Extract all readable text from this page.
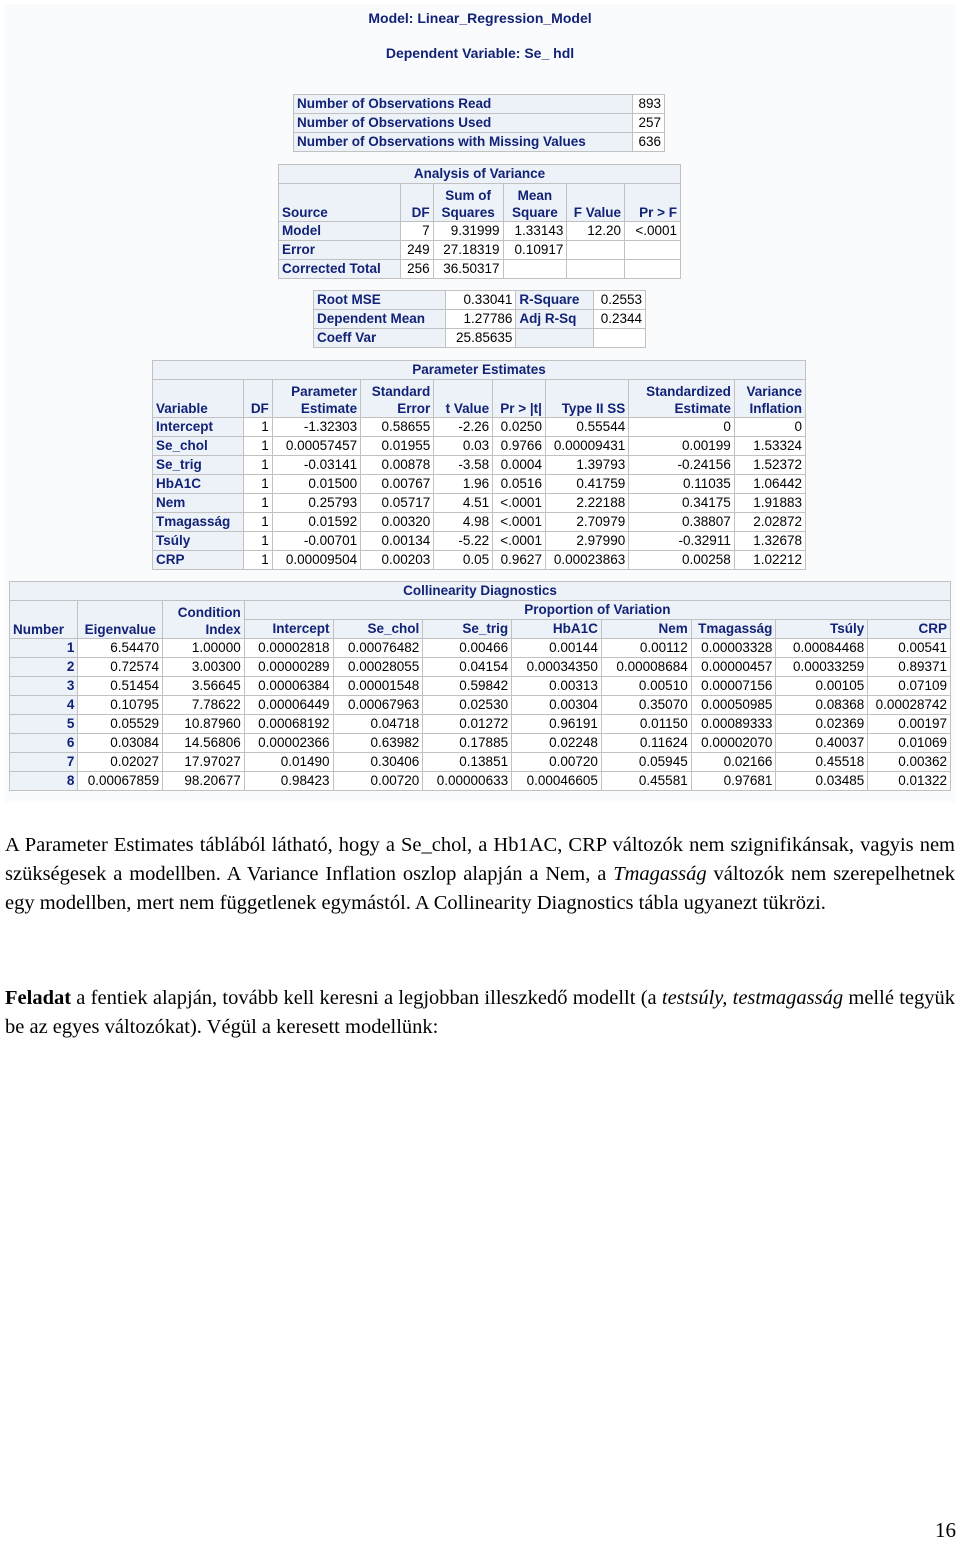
Model: Linear_Regression_Model
Dependent Variable: Se_ hdl
Number of Observations Read	893
Number of Observations Used	257
Number of Observations with Missing Values	636
Analysis of Variance					
Source	DF	Sum of Squares	Mean Square	F Value	Pr > F
Model	7	9.31999	1.33143	12.20	<.0001
Error	249	27.18319	0.10917		
Corrected Total	256	36.50317			
Root MSE	0.33041	R-Square	0.2553
Dependent Mean	1.27786	Adj R-Sq	0.2344
Coeff Var	25.85635		
Parameter Estimates								
Variable	DF	Parameter Estimate	Standard Error	t Value	Pr > |t|	Type II SS	Standardized Estimate	Variance Inflation
Intercept	1	-1.32303	0.58655	-2.26	0.0250	0.55544	0	0
Se_chol	1	0.00057457	0.01955	0.03	0.9766	0.00009431	0.00199	1.53324
Se_trig	1	-0.03141	0.00878	-3.58	0.0004	1.39793	-0.24156	1.52372
HbA1C	1	0.01500	0.00767	1.96	0.0516	0.41759	0.11035	1.06442
Nem	1	0.25793	0.05717	4.51	<.0001	2.22188	0.34175	1.91883
Tmagasság	1	0.01592	0.00320	4.98	<.0001	2.70979	0.38807	2.02872
Tsúly	1	-0.00701	0.00134	-5.22	<.0001	2.97990	-0.32911	1.32678
CRP	1	0.00009504	0.00203	0.05	0.9627	0.00023863	0.00258	1.02212
Collinearity Diagnostics										
Number	Eigenvalue	Condition Index	Proportion of Variation							
			Intercept	Se_chol	Se_trig	HbA1C	Nem	Tmagasság	Tsúly	CRP
1	6.54470	1.00000	0.00002818	0.00076482	0.00466	0.00144	0.00112	0.00003328	0.00084468	0.00541
2	0.72574	3.00300	0.00000289	0.00028055	0.04154	0.00034350	0.00008684	0.00000457	0.00033259	0.89371
3	0.51454	3.56645	0.00006384	0.00001548	0.59842	0.00313	0.00510	0.00007156	0.00105	0.07109
4	0.10795	7.78622	0.00006449	0.00067963	0.02530	0.00304	0.35070	0.00050985	0.08368	0.00028742
5	0.05529	10.87960	0.00068192	0.04718	0.01272	0.96191	0.01150	0.00089333	0.02369	0.00197
6	0.03084	14.56806	0.00002366	0.63982	0.17885	0.02248	0.11624	0.00002070	0.40037	0.01069
7	0.02027	17.97027	0.01490	0.30406	0.13851	0.00720	0.05945	0.02166	0.45518	0.00362
8	0.00067859	98.20677	0.98423	0.00720	0.00000633	0.00046605	0.45581	0.97681	0.03485	0.01322
A Parameter Estimates táblából látható, hogy a Se_chol, a Hb1AC, CRP változók nem szignifikánsak, vagyis nem szükségesek a modellben. A Variance Inflation oszlop alapján a Nem, a Tmagasság változók nem szerepelhetnek egy modellben, mert nem függetlenek egymástól. A Collinearity Diagnostics tábla ugyanezt tükrözi.
Feladat a fentiek alapján, tovább kell keresni a legjobban illeszkedő modellt (a testsúly, testmagasság mellé tegyük be az egyes változókat). Végül a keresett modellünk:
16
